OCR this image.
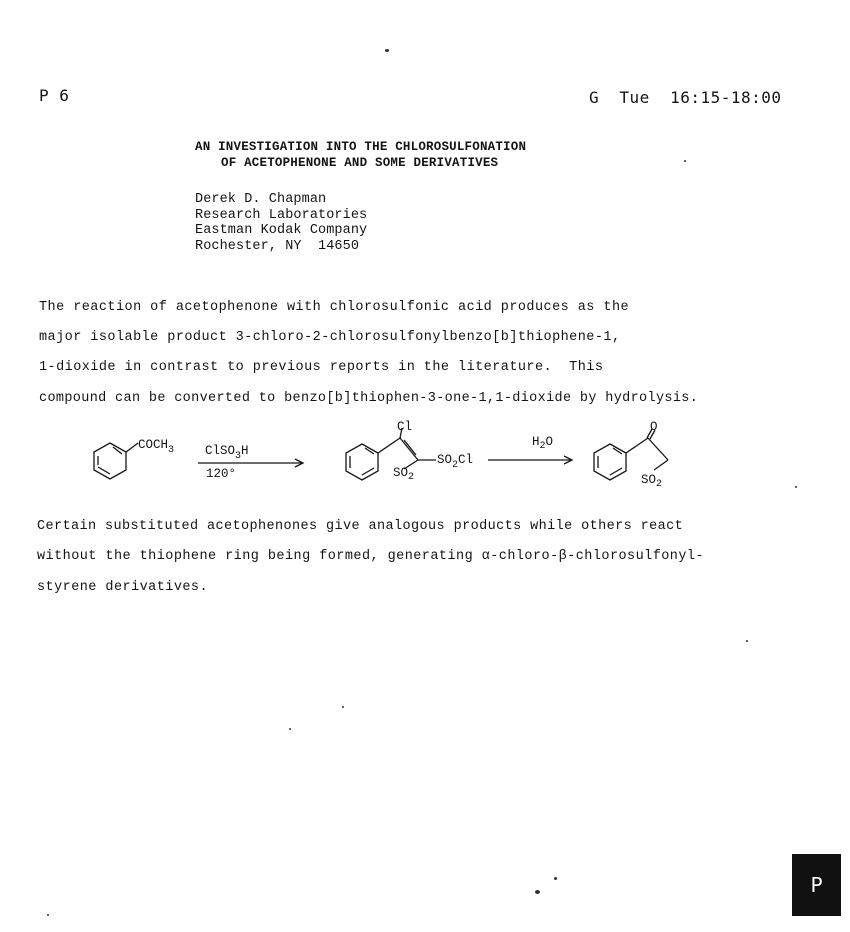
P 6	G  Tue  16:15-18:00
AN INVESTIGATION INTO THE CHLOROSULFONATION
OF ACETOPHENONE AND SOME DERIVATIVES
Derek D. Chapman
Research Laboratories
Eastman Kodak Company
Rochester, NY  14650
The reaction of acetophenone with chlorosulfonic acid produces as the
major isolable product 3-chloro-2-chlorosulfonylbenzo[b]thiophene-1,
1-dioxide in contrast to previous reports in the literature.  This
compound can be converted to benzo[b]thiophen-3-one-1,1-dioxide by hydrolysis.
$COCH_3$ ClSO$_3$H
120°
Cl
$SO_2$
$SO_2Cl$
$H_2O$
O
$SO_2$
Certain substituted acetophenones give analogous products while others react
without the thiophene ring being formed, generating α-chloro-β-chlorosulfonyl-
styrene derivatives.
P
